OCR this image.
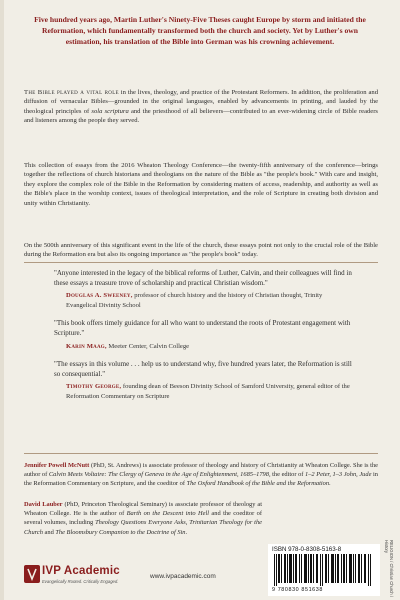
Five hundred years ago, Martin Luther's Ninety-Five Theses caught Europe by storm and initiated the Reformation, which fundamentally transformed both the church and society. Yet by Luther's own estimation, his translation of the Bible into German was his crowning achievement.

The Bible played a vital role in the lives, theology, and practice of the Protestant Reformers. In addition, the proliferation and diffusion of vernacular Bibles—grounded in the original languages, enabled by advancements in printing, and lauded by the theological principles of sola scriptura and the priesthood of all believers—contributed to an ever-widening circle of Bible readers and listeners among the people they served.

This collection of essays from the 2016 Wheaton Theology Conference—the twenty-fifth anniversary of the conference—brings together the reflections of church historians and theologians on the nature of the Bible as "the people's book." With care and insight, they explore the complex role of the Bible in the Reformation by considering matters of access, readership, and authority as well as the Bible's place in the worship context, issues of theological interpretation, and the role of Scripture in creating both division and unity within Christianity.

On the 500th anniversary of this significant event in the life of the church, these essays point not only to the crucial role of the Bible during the Reformation era but also its ongoing importance as "the people's book" today.

"Anyone interested in the legacy of the biblical reforms of Luther, Calvin, and their colleagues will find in these essays a treasure trove of scholarship and practical Christian wisdom."

Douglas A. Sweeney, professor of church history and the history of Christian thought, Trinity Evangelical Divinity School

"This book offers timely guidance for all who want to understand the roots of Protestant engagement with Scripture."

Karin Maag, Meeter Center, Calvin College

"The essays in this volume . . . help us to understand why, five hundred years later, the Reformation is still so consequential."

Timothy George, founding dean of Beeson Divinity School of Samford University, general editor of the Reformation Commentary on Scripture

Jennifer Powell McNutt (PhD, St. Andrews) is associate professor of theology and history of Christianity at Wheaton College. She is the author of Calvin Meets Voltaire: The Clergy of Geneva in the Age of Enlightenment, 1685–1798, the editor of 1–2 Peter, 1–3 John, Jude in the Reformation Commentary on Scripture, and the coeditor of The Oxford Handbook of the Bible and the Reformation.

David Lauber (PhD, Princeton Theological Seminary) is associate professor of theology at Wheaton College. He is the author of Barth on the Descent into Hell and the coeditor of several volumes, including Theology Questions Everyone Asks, Trinitarian Theology for the Church and The Bloomsbury Companion to the Doctrine of Sin.

ISBN 978-0-8308-5163-8
9 780830 851638	RELIGION / Christian Church / History
IVP Academic
Evangelically Rooted. Critically Engaged.
www.ivpacademic.com
